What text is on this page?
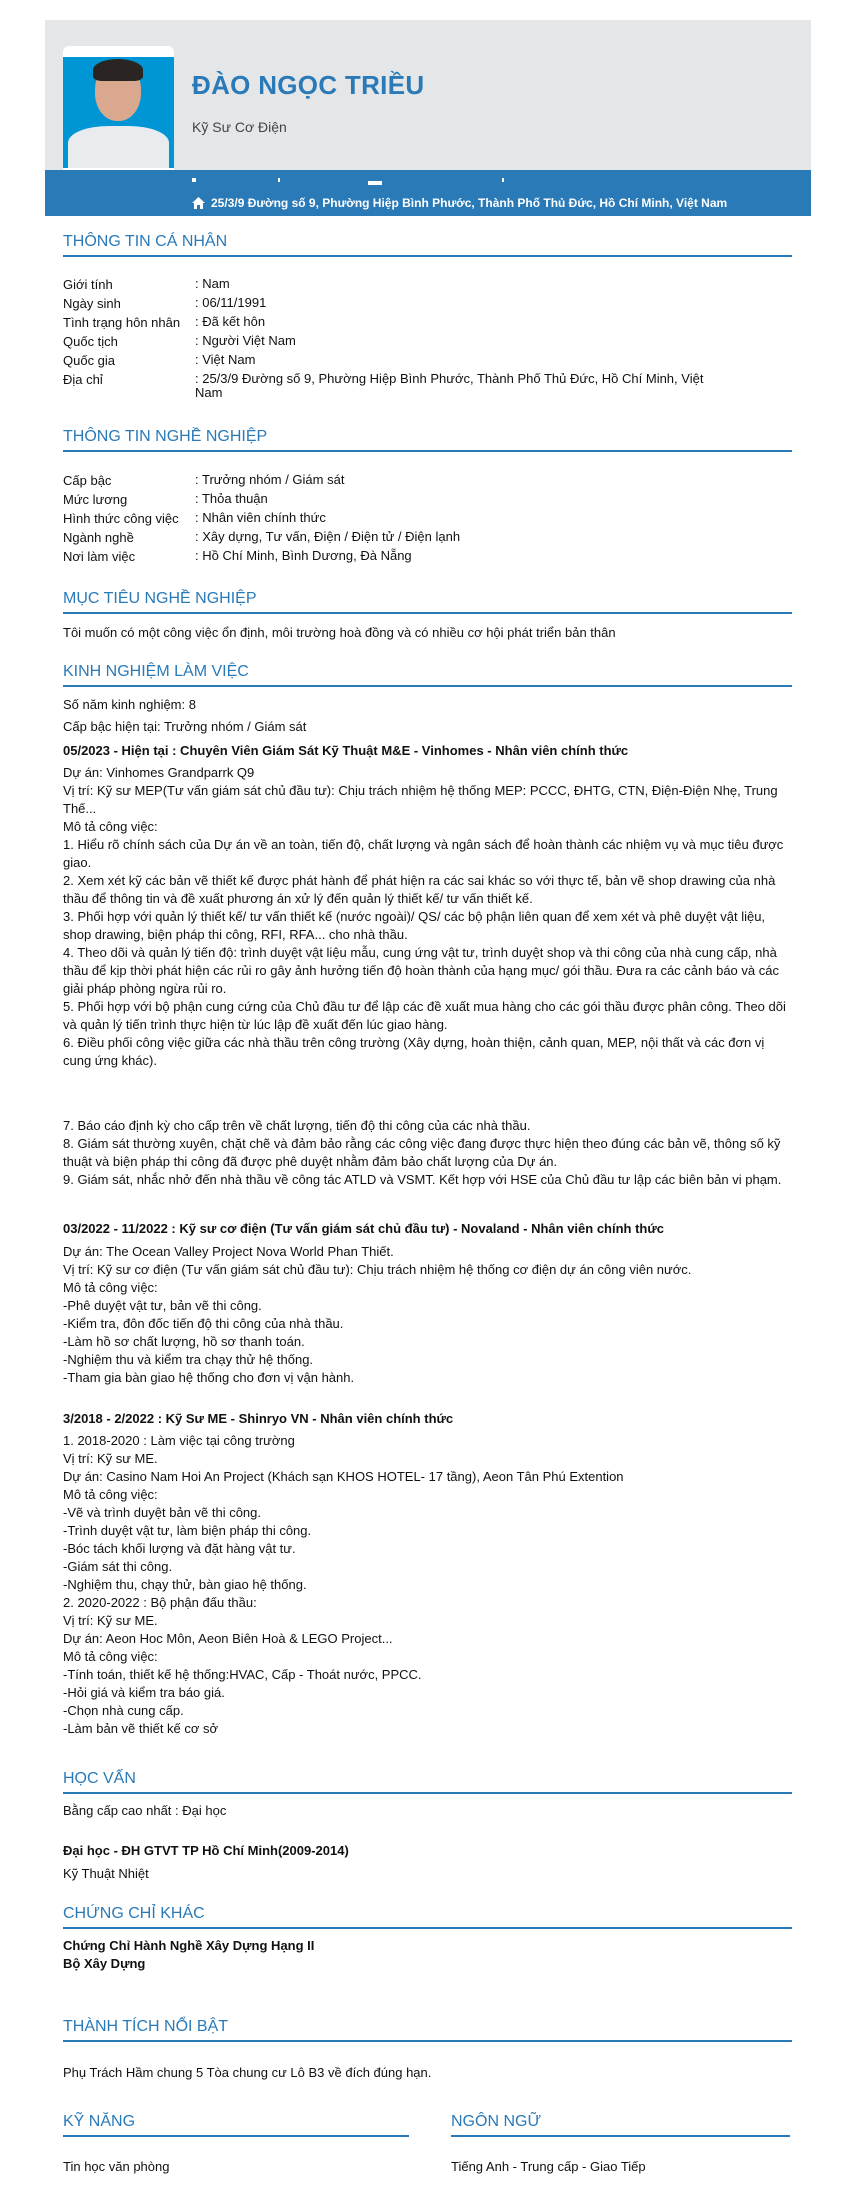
ĐÀO NGỌC TRIỀU
Kỹ Sư Cơ Điện
25/3/9 Đường số 9, Phường Hiệp Bình Phước, Thành Phố Thủ Đức, Hồ Chí Minh, Việt Nam
THÔNG TIN CÁ NHÂN
Giới tính	: Nam
Ngày sinh	: 06/11/1991
Tình trạng hôn nhân	: Đã kết hôn
Quốc tịch	: Người Việt Nam
Quốc gia	: Việt Nam
Địa chỉ	: 25/3/9 Đường số 9, Phường Hiệp Bình Phước, Thành Phố Thủ Đức, Hồ Chí Minh, Việt Nam
THÔNG TIN NGHỀ NGHIỆP
Cấp bậc	: Trưởng nhóm / Giám sát
Mức lương	: Thỏa thuận
Hình thức công việc	: Nhân viên chính thức
Ngành nghề	: Xây dựng, Tư vấn, Điện / Điện tử / Điện lạnh
Nơi làm việc	: Hồ Chí Minh, Bình Dương, Đà Nẵng
MỤC TIÊU NGHỀ NGHIỆP
Tôi muốn có một công việc ổn định, môi trường hoà đồng và có nhiều cơ hội phát triển bản thân
KINH NGHIỆM LÀM VIỆC
Số năm kinh nghiệm: 8
Cấp bậc hiện tại: Trưởng nhóm / Giám sát
05/2023 - Hiện tại : Chuyên Viên Giám Sát Kỹ Thuật M&E - Vinhomes - Nhân viên chính thức
Dự án: Vinhomes Grandparrk Q9
Vị trí: Kỹ sư MEP(Tư vấn giám sát chủ đầu tư): Chịu trách nhiệm hệ thống MEP: PCCC, ĐHTG, CTN, Điện-Điện Nhẹ, Trung Thế...
Mô tả công việc:
1. Hiểu rõ chính sách của Dự án về an toàn, tiến độ, chất lượng và ngân sách để hoàn thành các nhiệm vụ và mục tiêu được giao.
2. Xem xét kỹ các bản vẽ thiết kế được phát hành để phát hiện ra các sai khác so với thực tế, bản vẽ shop drawing của nhà thầu để thông tin và đề xuất phương án xử lý đến quản lý thiết kế/ tư vấn thiết kế.
3. Phối hợp với quản lý thiết kế/ tư vấn thiết kế (nước ngoài)/ QS/ các bộ phận liên quan để xem xét và phê duyệt vật liệu, shop drawing, biện pháp thi công, RFI, RFA... cho nhà thầu.
4. Theo dõi và quản lý tiến độ: trình duyệt vật liệu mẫu, cung ứng vật tư, trình duyệt shop và thi công của nhà cung cấp, nhà thầu để kịp thời phát hiện các rủi ro gây ảnh hưởng tiến độ hoàn thành của hạng mục/ gói thầu. Đưa ra các cảnh báo và các giải pháp phòng ngừa rủi ro.
5. Phối hợp với bộ phận cung cứng của Chủ đầu tư để lập các đề xuất mua hàng cho các gói thầu được phân công. Theo dõi và quản lý tiến trình thực hiện từ lúc lập đề xuất đến lúc giao hàng.
6. Điều phối công việc giữa các nhà thầu trên công trường (Xây dựng, hoàn thiện, cảnh quan, MEP, nội thất và các đơn vị cung ứng khác).
7. Báo cáo định kỳ cho cấp trên về chất lượng, tiến độ thi công của các nhà thầu.
8. Giám sát thường xuyên, chặt chẽ và đảm bảo rằng các công việc đang được thực hiện theo đúng các bản vẽ, thông số kỹ thuật và biện pháp thi công đã được phê duyệt nhằm đảm bảo chất lượng của Dự án.
9. Giám sát, nhắc nhở đến nhà thầu về công tác ATLD và VSMT. Kết hợp với HSE của Chủ đầu tư lập các biên bản vi phạm.
03/2022 - 11/2022 : Kỹ sư cơ điện (Tư vấn giám sát chủ đầu tư) - Novaland - Nhân viên chính thức
Dự án: The Ocean Valley Project Nova World Phan Thiết.
Vị trí: Kỹ sư cơ điện (Tư vấn giám sát chủ đầu tư): Chịu trách nhiệm hệ thống cơ điện dự án công viên nước.
Mô tả công việc:
-Phê duyệt vật tư, bản vẽ thi công.
-Kiểm tra, đôn đốc tiến độ thi công của nhà thầu.
-Làm hồ sơ chất lượng, hồ sơ thanh toán.
-Nghiệm thu và kiểm tra chạy thử hệ thống.
-Tham gia bàn giao hệ thống cho đơn vị vận hành.
3/2018 - 2/2022 : Kỹ Sư ME - Shinryo VN - Nhân viên chính thức
1. 2018-2020 : Làm việc tại công trường
Vị trí: Kỹ sư ME.
Dự án: Casino Nam Hoi An Project (Khách sạn KHOS HOTEL- 17 tầng), Aeon Tân Phú Extention
Mô tả công việc:
-Vẽ và trình duyệt bản vẽ thi công.
-Trình duyệt vật tư, làm biện pháp thi công.
-Bóc tách khối lượng và đặt hàng vật tư.
-Giám sát thi công.
-Nghiệm thu, chạy thử, bàn giao hệ thống.
2. 2020-2022 : Bộ phận đấu thầu:
Vị trí: Kỹ sư ME.
Dự án: Aeon Hoc Môn, Aeon Biên Hoà & LEGO Project...
Mô tả công việc:
-Tính toán, thiết kế hệ thống:HVAC, Cấp - Thoát nước, PPCC.
-Hỏi giá và kiểm tra báo giá.
-Chọn nhà cung cấp.
-Làm bản vẽ thiết kế cơ sở
HỌC VẤN
Bằng cấp cao nhất : Đại học
Đại học - ĐH GTVT TP Hồ Chí Minh(2009-2014)
Kỹ Thuật Nhiệt
CHỨNG CHỈ KHÁC
Chứng Chỉ Hành Nghề Xây Dựng Hạng II
Bộ Xây Dựng
THÀNH TÍCH NỔI BẬT
Phụ Trách Hầm chung 5 Tòa chung cư Lô B3 về đích đúng hạn.
KỸ NĂNG
Tin học văn phòng
NGÔN NGỮ
Tiếng Anh - Trung cấp - Giao Tiếp
